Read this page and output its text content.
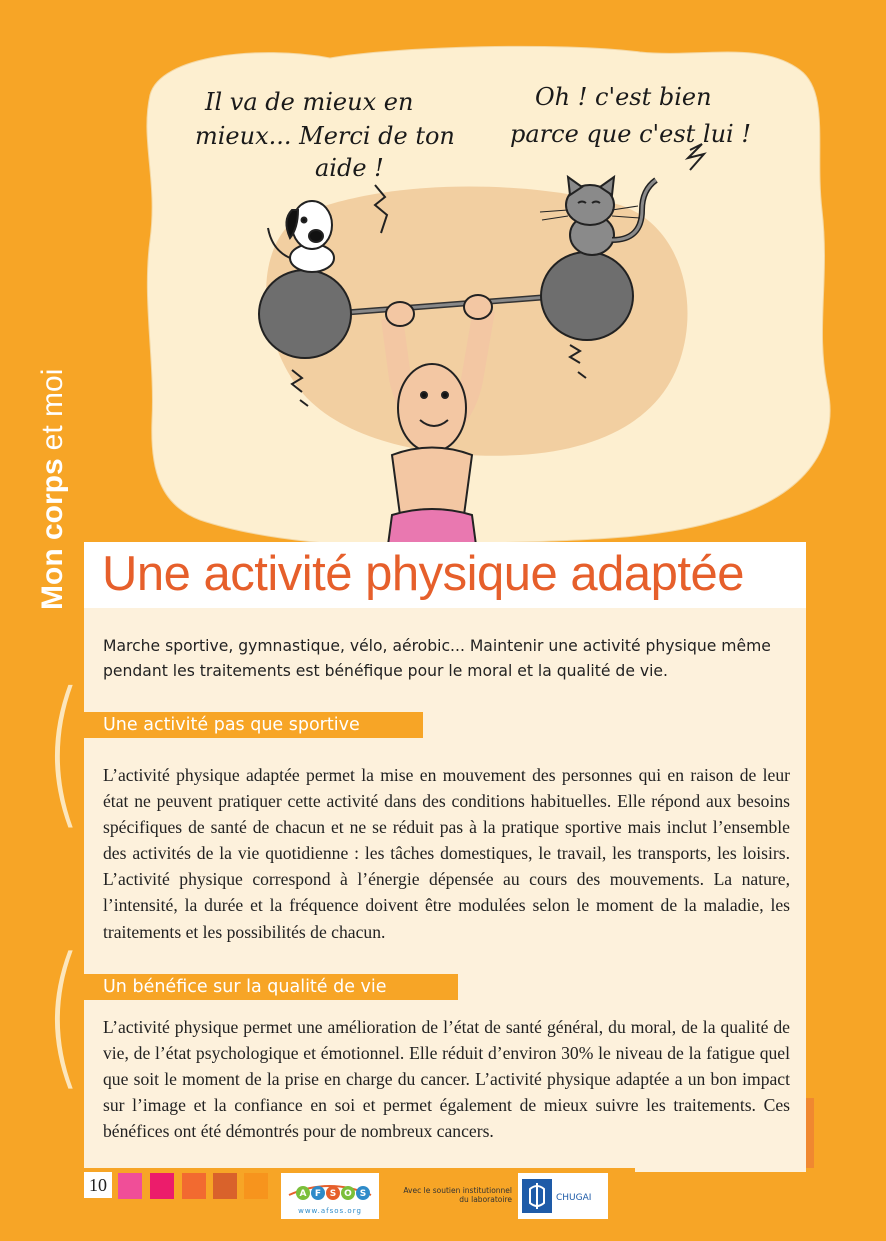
Il va de mieux en
mieux... Merci de ton
aide !
Oh ! c'est bien
parce que c'est lui !
Mon corpset moi
(
(
Une activité physique adaptée
Marche sportive, gymnastique, vélo, aérobic... Maintenir une activité physique même pendant les traitements est bénéfique pour le moral et la qualité de vie.
Une activité pas que sportive
L’activité physique adaptée permet la mise en mouvement des personnes qui en raison de leur état ne peuvent pratiquer cette activité dans des conditions habituelles. Elle répond aux besoins spécifiques de santé de chacun et ne se réduit pas à la pratique sportive mais inclut l’ensemble des activités de la vie quotidienne : les tâches domestiques, le travail, les transports, les loisirs. L’activité physique correspond à l’énergie dépensée au cours des mouvements. La nature, l’intensité, la durée et la fréquence doivent être modulées selon le moment de la maladie, les traitements et les possibilités de chacun.
Un bénéfice sur la qualité de vie
L’activité physique permet une amélioration de l’état de santé général, du moral, de la qualité de vie, de l’état psychologique et émotionnel. Elle réduit d’environ 30% le niveau de la fatigue quel que soit le moment de la prise en charge du cancer. L’activité physique adaptée a un bon impact sur l’image et la confiance en soi et permet également de mieux suivre les traitements. Ces bénéfices ont été démontrés pour de nombreux cancers.
10	AFSOS
A F S O S
www.afsos.org
Avec le soutien institutionnel
du laboratoire	CHUGAI
